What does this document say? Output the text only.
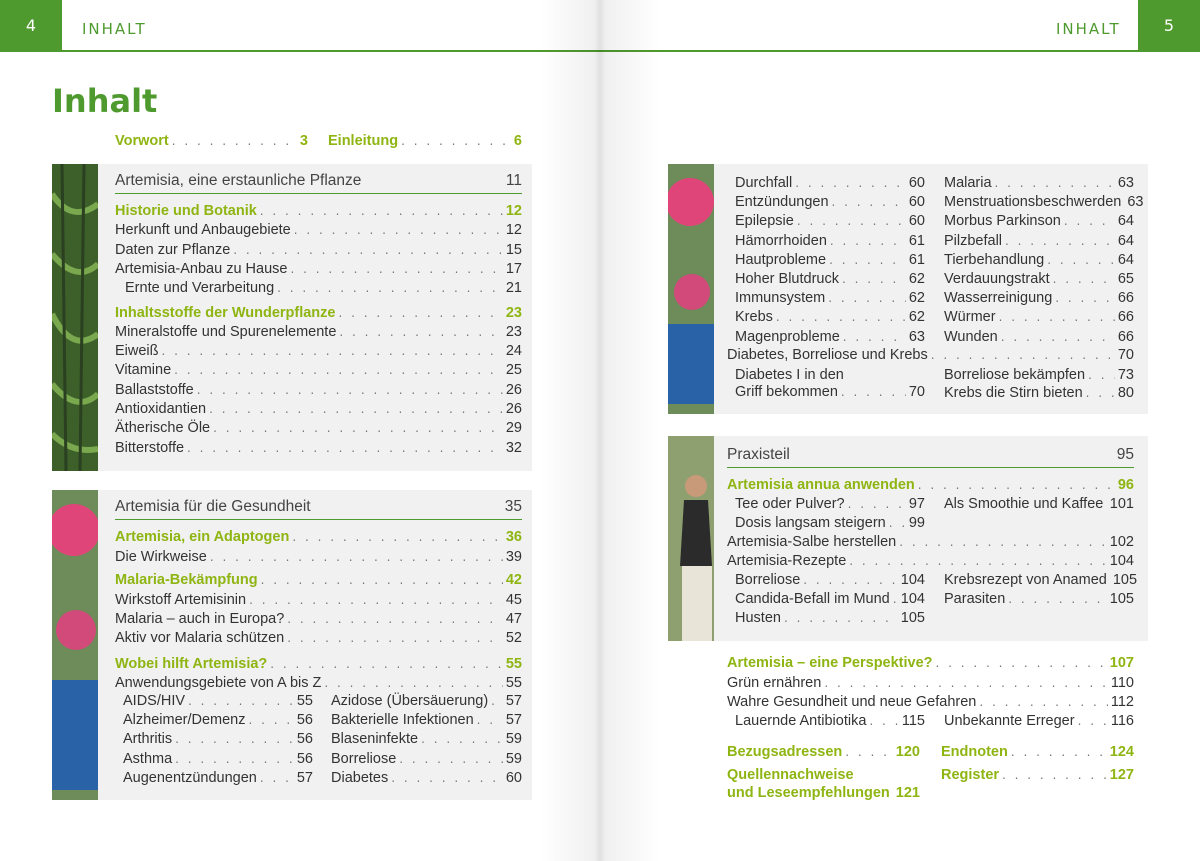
4	INHALT
Inhalt
Vorwort . . .	3 Einleitung . . .	6
Artemisia, eine erstaunliche Pflanze	11
Historie und Botanik . . .	12
Herkunft und Anbaugebiete . . .	12
Daten zur Pflanze . . .	15
Artemisia-Anbau zu Hause . . .	17
Ernte und Verarbeitung . . .	21
Inhaltsstoffe der Wunderpflanze . . .	23
Mineralstoffe und Spurenelemente . . .	23
Eiweiß . . .	24
Vitamine . . .	25
Ballaststoffe . . .	26
Antioxidantien . . .	26
Ätherische Öle . . .	29
Bitterstoffe . . .	32
Artemisia für die Gesundheit	35
Artemisia, ein Adaptogen . . .	36
Die Wirkweise . . .	39
Malaria-Bekämpfung . . .	42
Wirkstoff Artemisinin . . .	45
Malaria – auch in Europa? . . .	47
Aktiv vor Malaria schützen . . .	52
Wobei hilft Artemisia? . . .	55
Anwendungsgebiete von A bis Z . . .	55
AIDS/HIV . . .	55
Alzheimer/Demenz . . .	56
Arthritis . . .	56
Asthma . . .	56
Augenentzündungen . . .	57
Azidose (Übersäuerung) . . . 57
Bakterielle Infektionen . . . 57
Blaseninfekte . . .	59
Borreliose . . .	59
Diabetes . . .	60
INHALT	5
Durchfall . . .	60
Entzündungen . . .	60
Epilepsie . . .	60
Hämorrhoiden . . .	61
Hautprobleme . . .	61
Hoher Blutdruck . . .	62
Immunsystem . . .	62
Krebs . . .	62
Magenprobleme . . .	63
Malaria . . .	63
Menstruationsbeschwerden 63
Morbus Parkinson . . .	64
Pilzbefall . . .	64
Tierbehandlung . . .	64
Verdauungstrakt . . .	65
Wasserreinigung . . .	66
Würmer . . .	66
Wunden . . .	66
Diabetes, Borreliose und Krebs . . .	70
Diabetes I in den
Griff bekommen . . .	70
Borreliose bekämpfen . . . 73
Krebs die Stirn bieten . . . 80
Praxisteil	95
Artemisia annua anwenden . . .	96
Tee oder Pulver? . . .	97
Dosis langsam steigern . . . 99
Als Smoothie und Kaffee . . . 101
Artemisia-Salbe herstellen . . .	102
Artemisia-Rezepte . . .	104
Borreliose . . .	104
Candida-Befall im Mund . . . 104
Husten . . .	105
Krebsrezept von Anamed 105
Parasiten . . .	105
Artemisia – eine Perspektive? . . .	107
Grün ernähren . . .	110
Wahre Gesundheit und neue Gefahren . . .	112
Lauernde Antibiotika . . . 115 Unbekannte Erreger . . .	116
Bezugsadressen . . .	120 Endnoten . . .	124
Quellennachweise
und Leseempfehlungen 121
Register . . .	127
